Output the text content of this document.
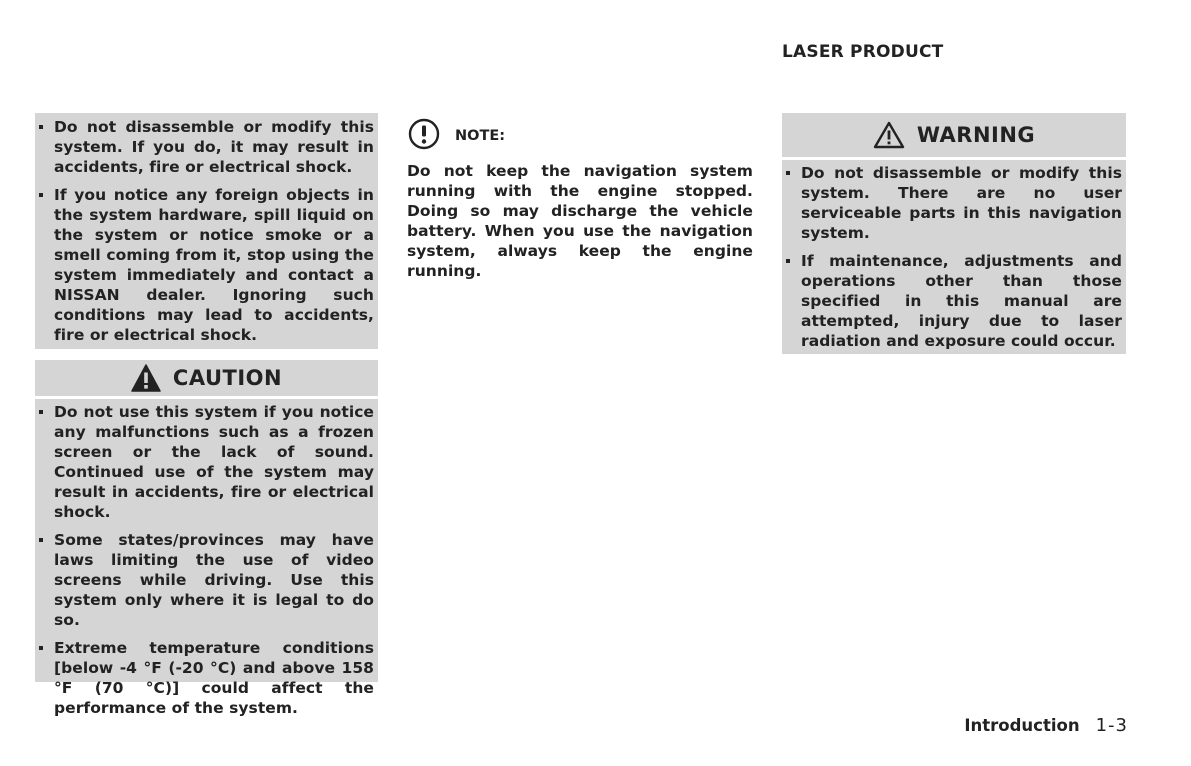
LASER PRODUCT
Do not disassemble or modify this system. If you do, it may result in accidents, fire or electrical shock.
If you notice any foreign objects in the system hardware, spill liquid on the system or notice smoke or a smell coming from it, stop using the system immediately and contact a NISSAN dealer. Ignoring such conditions may lead to accidents, fire or electrical shock.
CAUTION
Do not use this system if you notice any malfunctions such as a frozen screen or the lack of sound. Continued use of the system may result in accidents, fire or electrical shock.
Some states/provinces may have laws limiting the use of video screens while driving. Use this system only where it is legal to do so.
Extreme temperature conditions [below -4 °F (-20 °C) and above 158 °F (70 °C)] could affect the performance of the system.
NOTE:

Do not keep the navigation system running with the engine stopped. Doing so may discharge the vehicle battery. When you use the navigation system, always keep the engine running.

WARNING
Do not disassemble or modify this system. There are no user serviceable parts in this navigation system.
If maintenance, adjustments and operations other than those specified in this manual are attempted, injury due to laser radiation and exposure could occur.
Introduction 1-3
